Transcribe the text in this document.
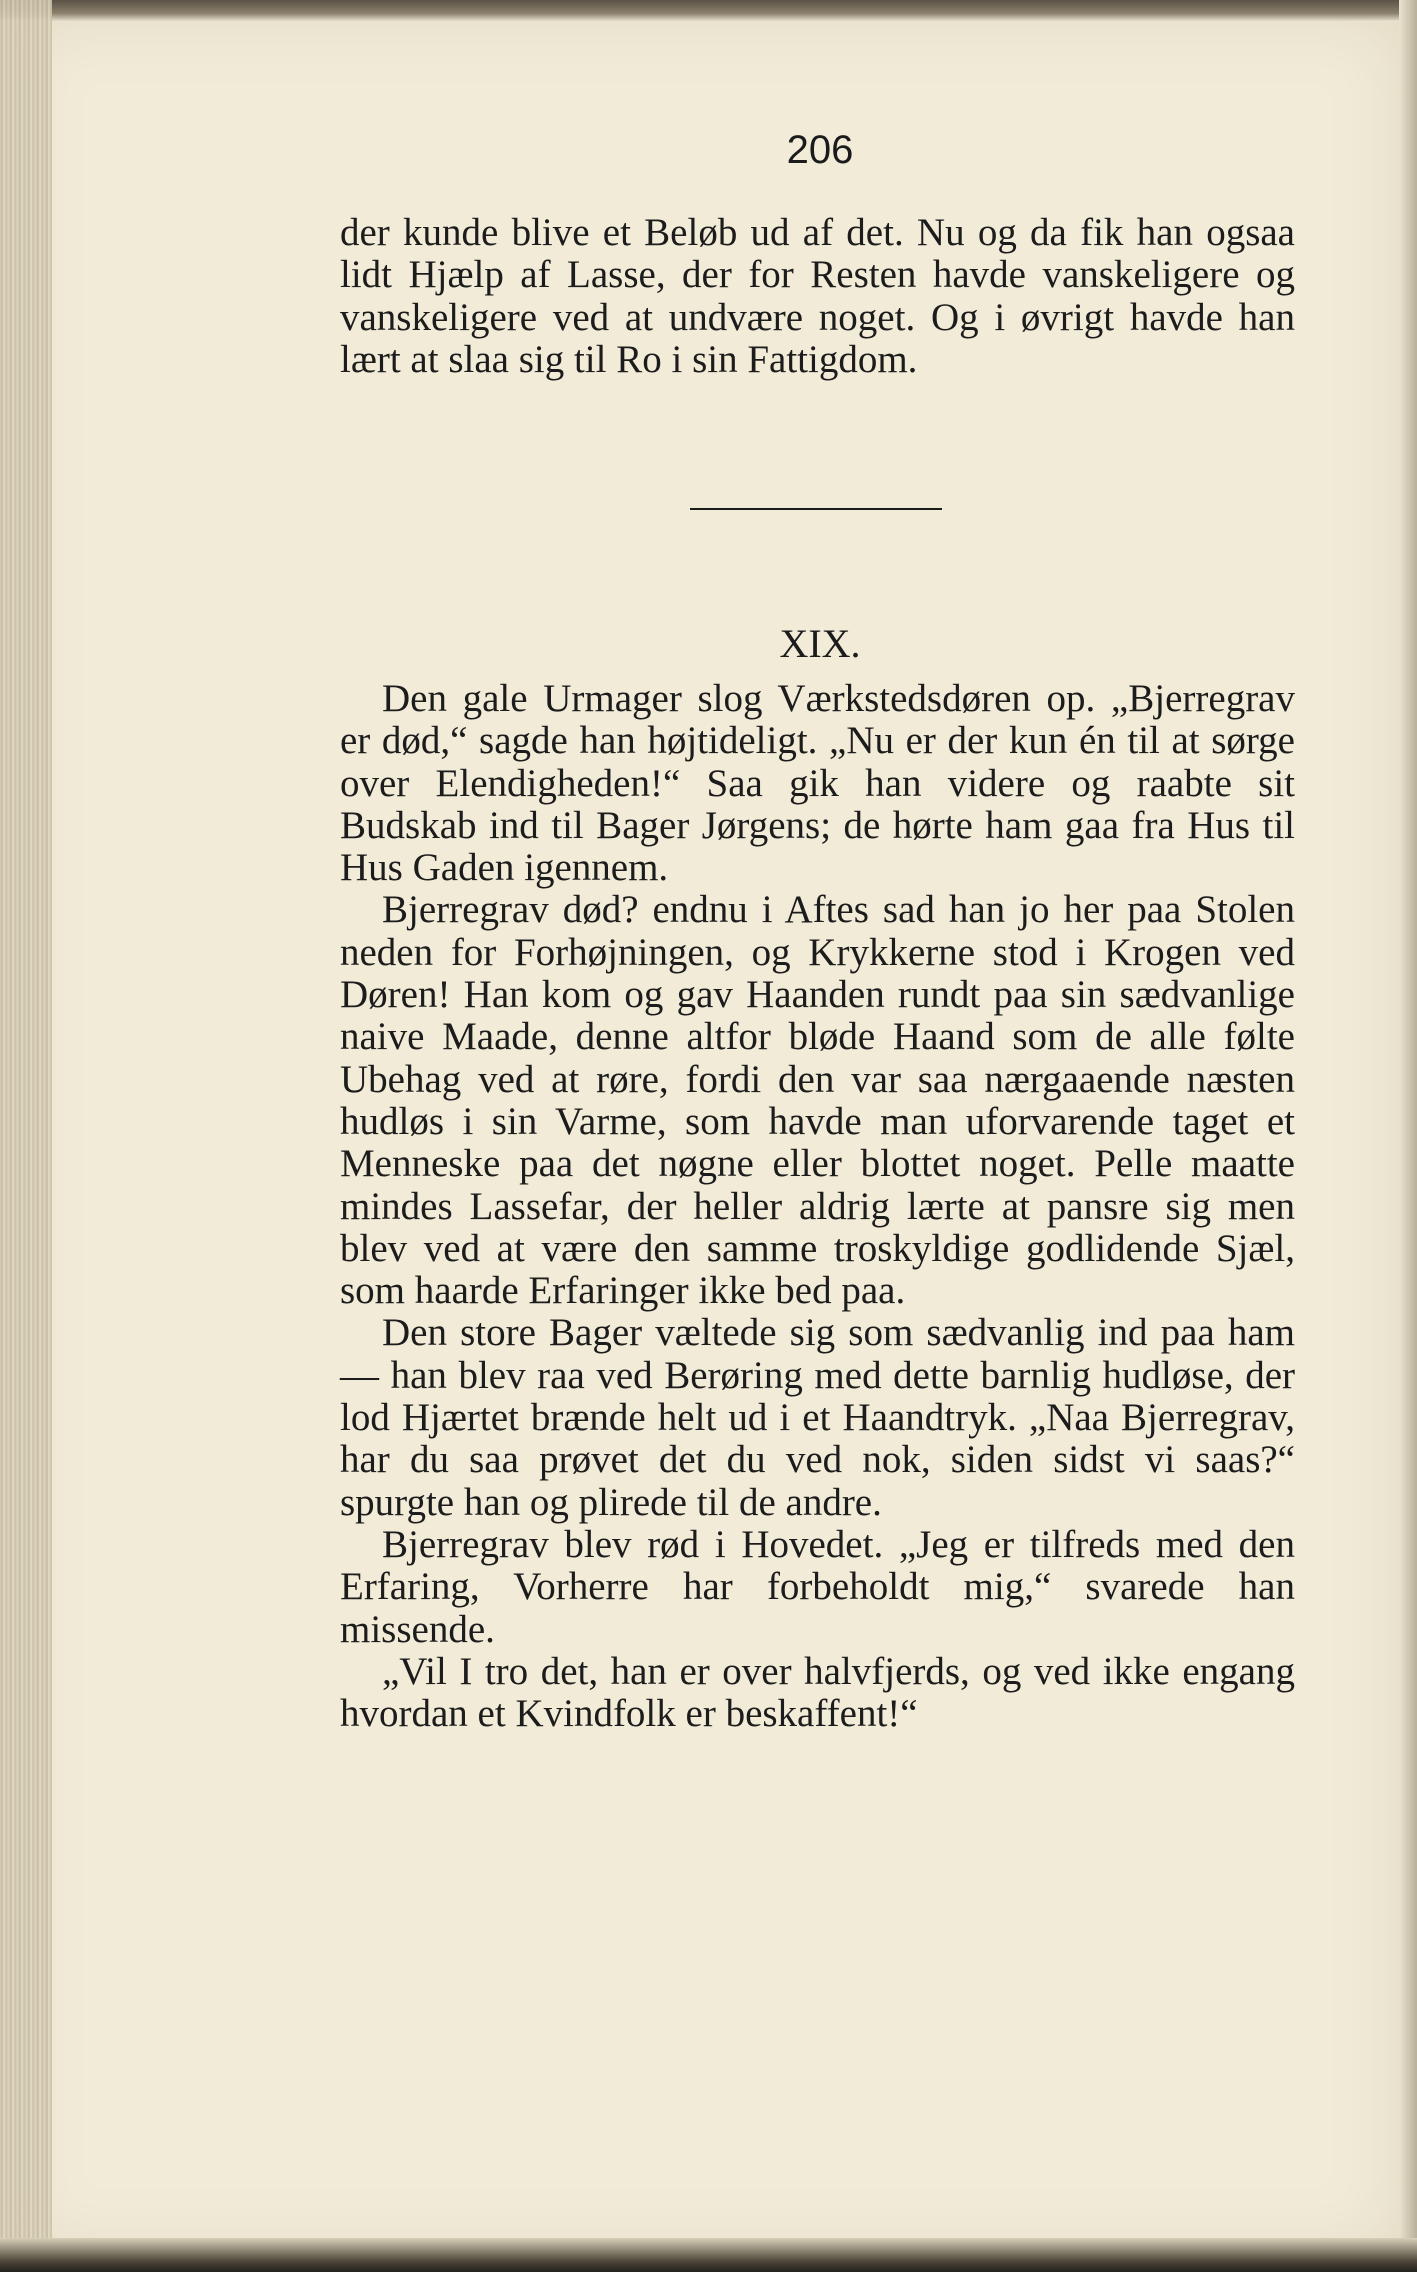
206

der kunde blive et Beløb ud af det. Nu og da fik han ogsaa lidt Hjælp af Lasse, der for Resten havde vanskeligere og vanskeligere ved at undvære noget. Og i øvrigt havde han lært at slaa sig til Ro i sin Fattigdom.

XIX.

Den gale Urmager slog Værkstedsdøren op. „Bjerregrav er død,“ sagde han højtideligt. „Nu er der kun én til at sørge over Elendigheden!“ Saa gik han videre og raabte sit Budskab ind til Bager Jørgens; de hørte ham gaa fra Hus til Hus Gaden igennem.

Bjerregrav død? endnu i Aftes sad han jo her paa Stolen neden for Forhøjningen, og Krykkerne stod i Krogen ved Døren! Han kom og gav Haanden rundt paa sin sædvanlige naive Maade, denne altfor bløde Haand som de alle følte Ubehag ved at røre, fordi den var saa nærgaaende næsten hudløs i sin Varme, som havde man uforvarende taget et Menneske paa det nøgne eller blottet noget. Pelle maatte mindes Lassefar, der heller aldrig lærte at pansre sig men blev ved at være den samme troskyldige godlidende Sjæl, som haarde Erfaringer ikke bed paa.

Den store Bager væltede sig som sædvanlig ind paa ham — han blev raa ved Berøring med dette barnlig hudløse, der lod Hjærtet brænde helt ud i et Haandtryk. „Naa Bjerregrav, har du saa prøvet det du ved nok, siden sidst vi saas?“ spurgte han og plirede til de andre.

Bjerregrav blev rød i Hovedet. „Jeg er tilfreds med den Erfaring, Vorherre har forbeholdt mig,“ svarede han missende.

„Vil I tro det, han er over halvfjerds, og ved ikke engang hvordan et Kvindfolk er beskaffent!“
